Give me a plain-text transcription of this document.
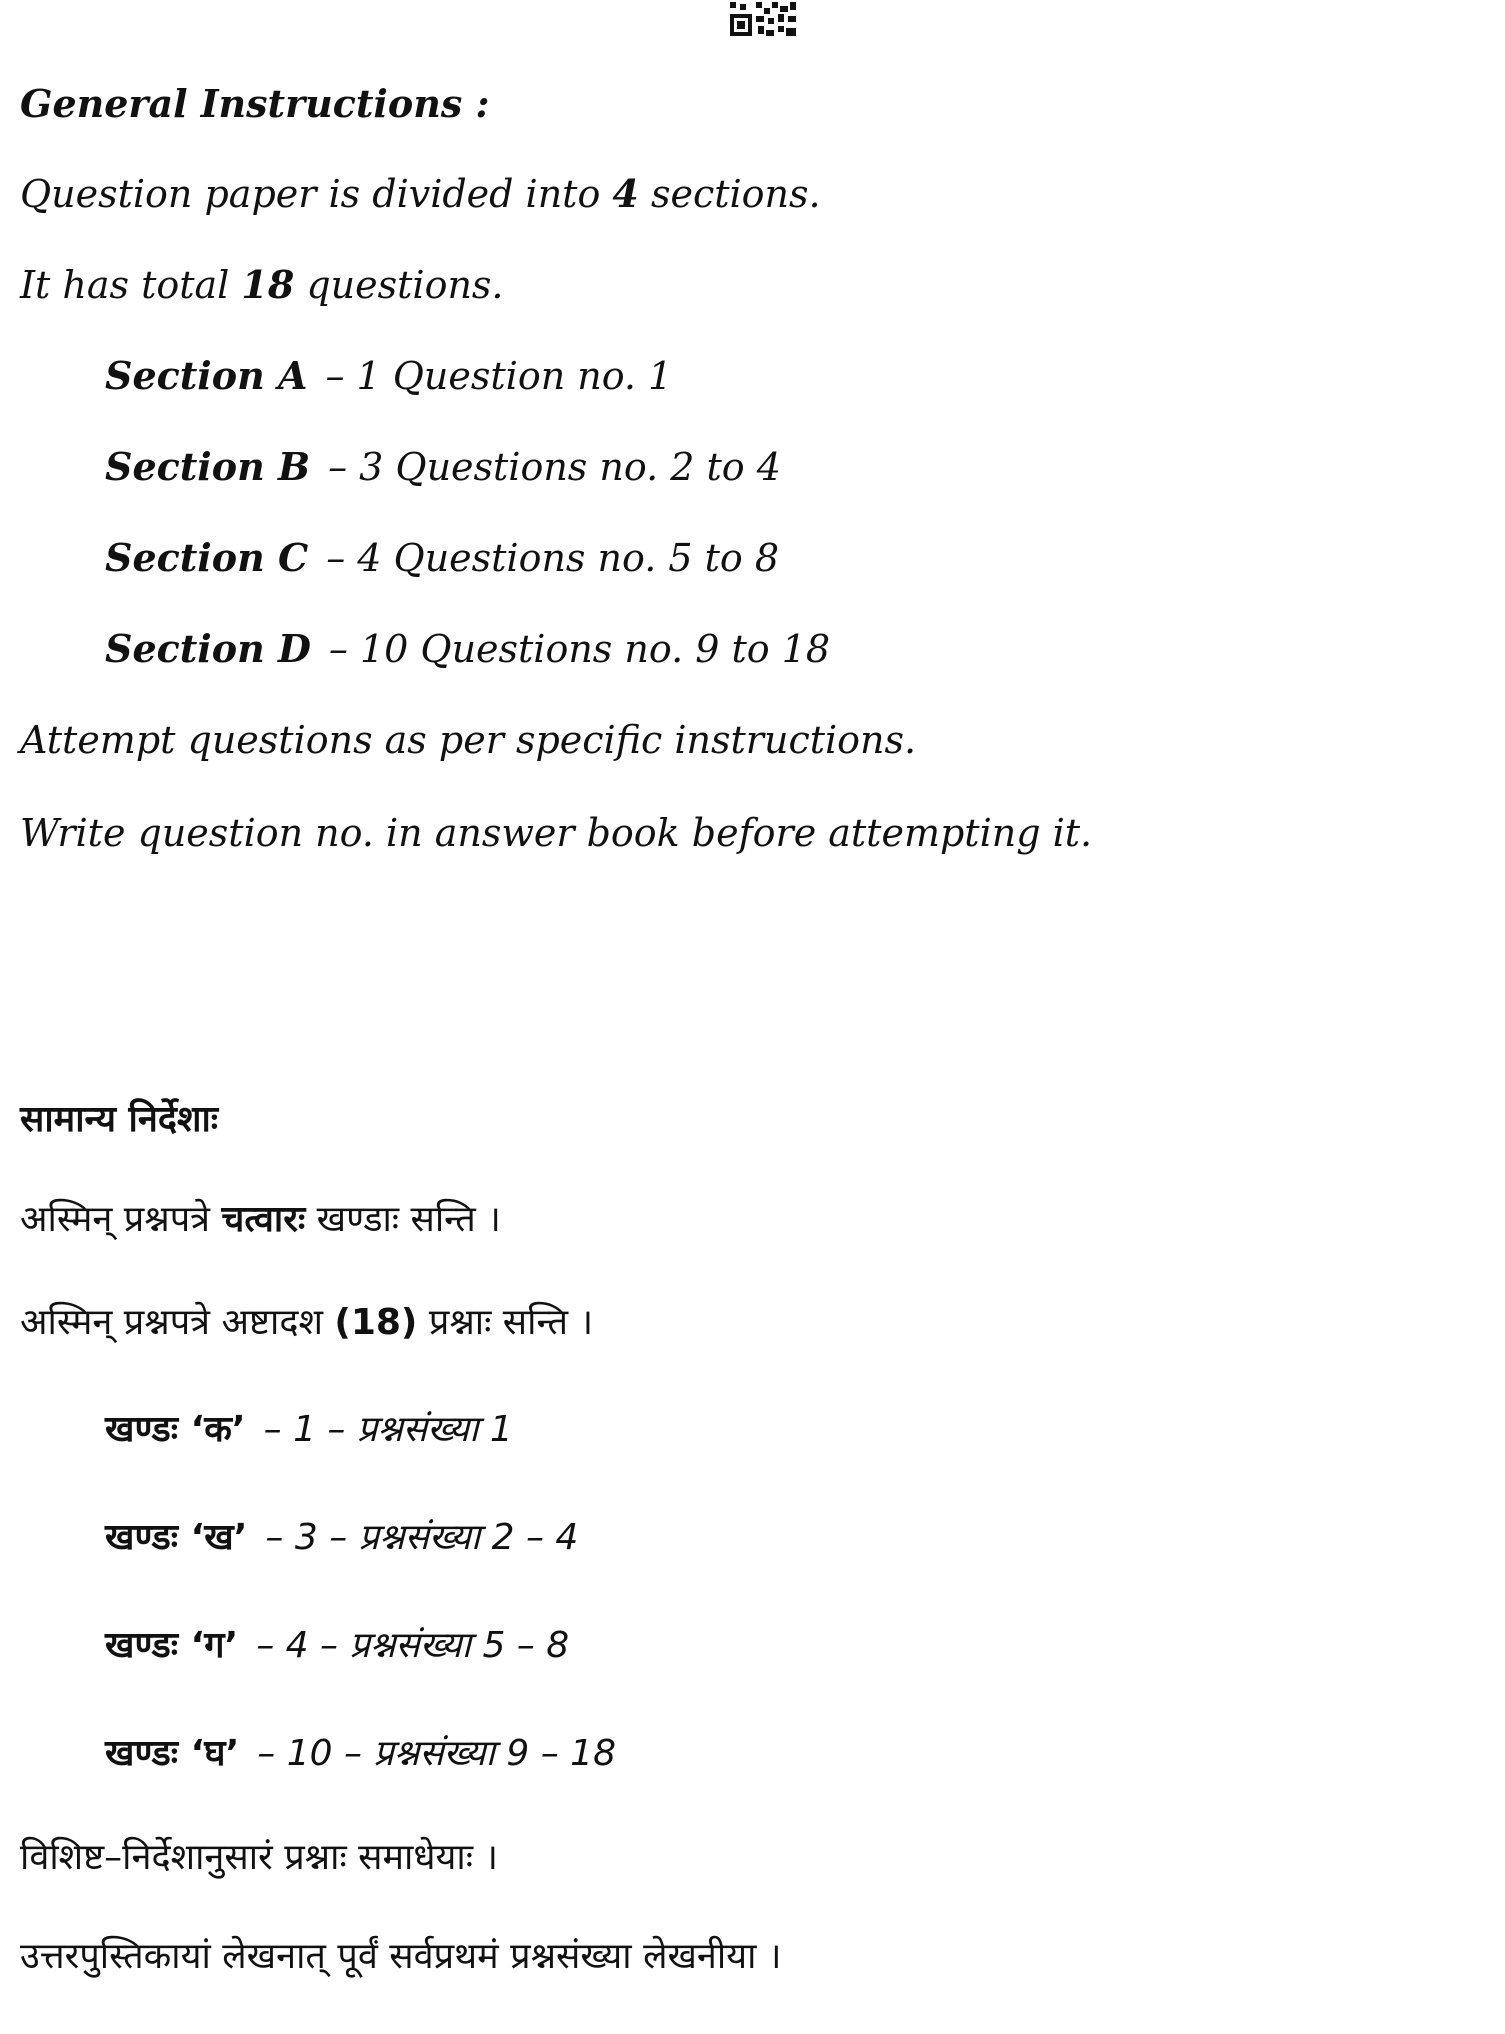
General Instructions :
Question paper is divided into 4 sections.
It has total 18 questions.
Section A – 1 Question no. 1
Section B – 3 Questions no. 2 to 4
Section C – 4 Questions no. 5 to 8
Section D – 10 Questions no. 9 to 18
Attempt questions as per specific instructions.
Write question no. in answer book before attempting it.
सामान्य निर्देशाः
अस्मिन् प्रश्नपत्रे चत्वारः खण्डाः सन्ति ।
अस्मिन् प्रश्नपत्रे अष्टादश (18) प्रश्नाः सन्ति ।
खण्डः ‘क’ – 1 – प्रश्नसंख्या 1
खण्डः ‘ख’ – 3 – प्रश्नसंख्या 2 – 4
खण्डः ‘ग’ – 4 – प्रश्नसंख्या 5 – 8
खण्डः ‘घ’ – 10 – प्रश्नसंख्या 9 – 18
विशिष्ट–निर्देशानुसारं प्रश्नाः समाधेयाः ।
उत्तरपुस्तिकायां लेखनात् पूर्वं सर्वप्रथमं प्रश्नसंख्या लेखनीया ।
